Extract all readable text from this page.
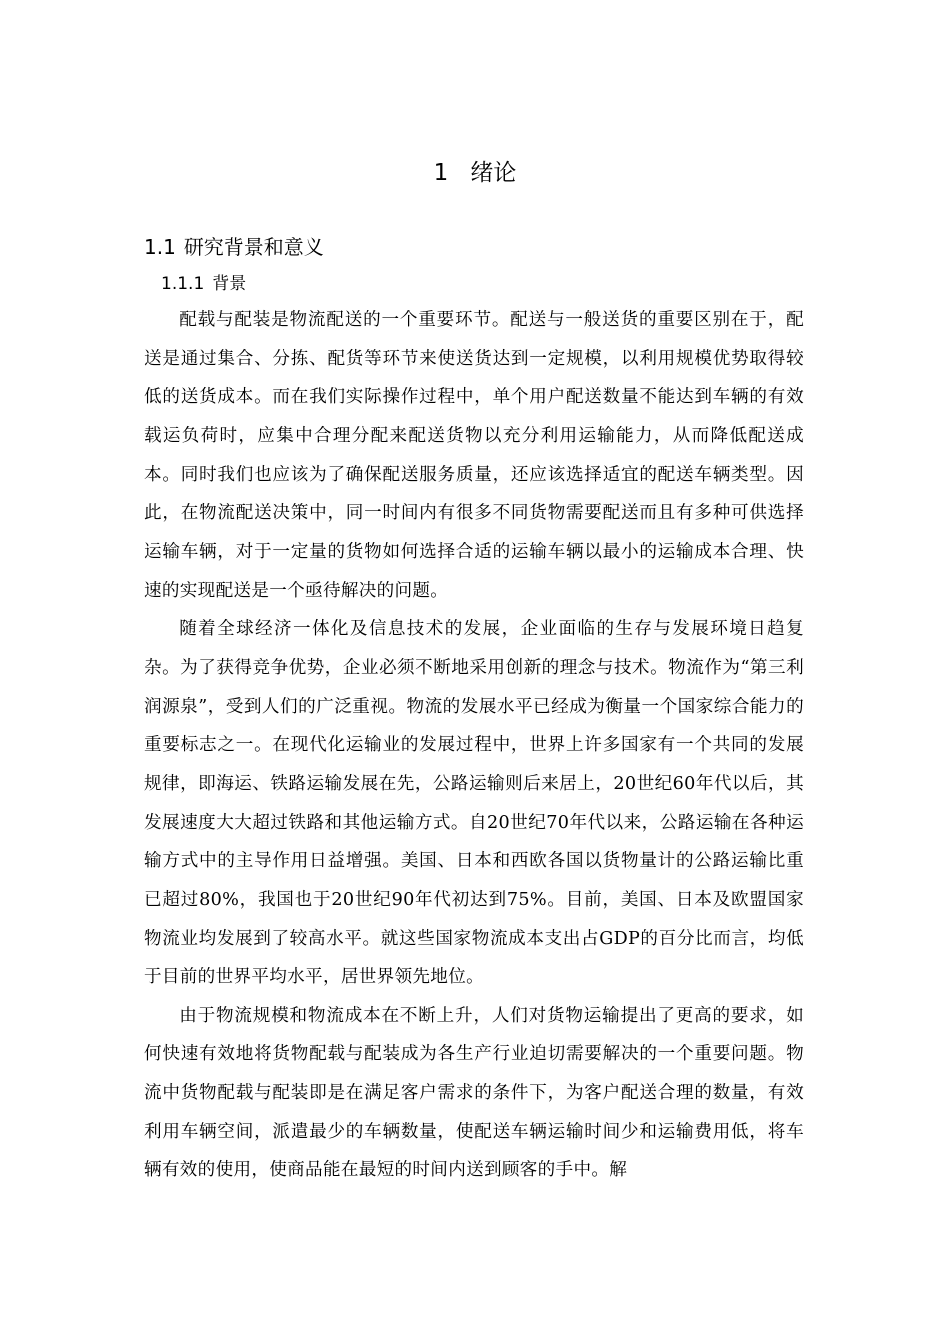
1 绪论
1.1 研究背景和意义
1.1.1 背景

配载与配装是物流配送的一个重要环节。配送与一般送货的重要区别在于，配送是通过集合、分拣、配货等环节来使送货达到一定规模，以利用规模优势取得较低的送货成本。而在我们实际操作过程中，单个用户配送数量不能达到车辆的有效载运负荷时，应集中合理分配来配送货物以充分利用运输能力，从而降低配送成本。同时我们也应该为了确保配送服务质量，还应该选择适宜的配送车辆类型。因此，在物流配送决策中，同一时间内有很多不同货物需要配送而且有多种可供选择运输车辆，对于一定量的货物如何选择合适的运输车辆以最小的运输成本合理、快速的实现配送是一个亟待解决的问题。

随着全球经济一体化及信息技术的发展，企业面临的生存与发展环境日趋复杂。为了获得竞争优势，企业必须不断地采用创新的理念与技术。物流作为“第三利润源泉”，受到人们的广泛重视。物流的发展水平已经成为衡量一个国家综合能力的重要标志之一。在现代化运输业的发展过程中，世界上许多国家有一个共同的发展规律，即海运、铁路运输发展在先，公路运输则后来居上，20世纪60年代以后，其发展速度大大超过铁路和其他运输方式。自20世纪70年代以来，公路运输在各种运输方式中的主导作用日益增强。美国、日本和西欧各国以货物量计的公路运输比重已超过80%，我国也于20世纪90年代初达到75%。目前，美国、日本及欧盟国家物流业均发展到了较高水平。就这些国家物流成本支出占GDP的百分比而言，均低于目前的世界平均水平，居世界领先地位。

由于物流规模和物流成本在不断上升，人们对货物运输提出了更高的要求，如何快速有效地将货物配载与配装成为各生产行业迫切需要解决的一个重要问题。物流中货物配载与配装即是在满足客户需求的条件下，为客户配送合理的数量，有效利用车辆空间，派遣最少的车辆数量，使配送车辆运输时间少和运输费用低，将车辆有效的使用，使商品能在最短的时间内送到顾客的手中。解
